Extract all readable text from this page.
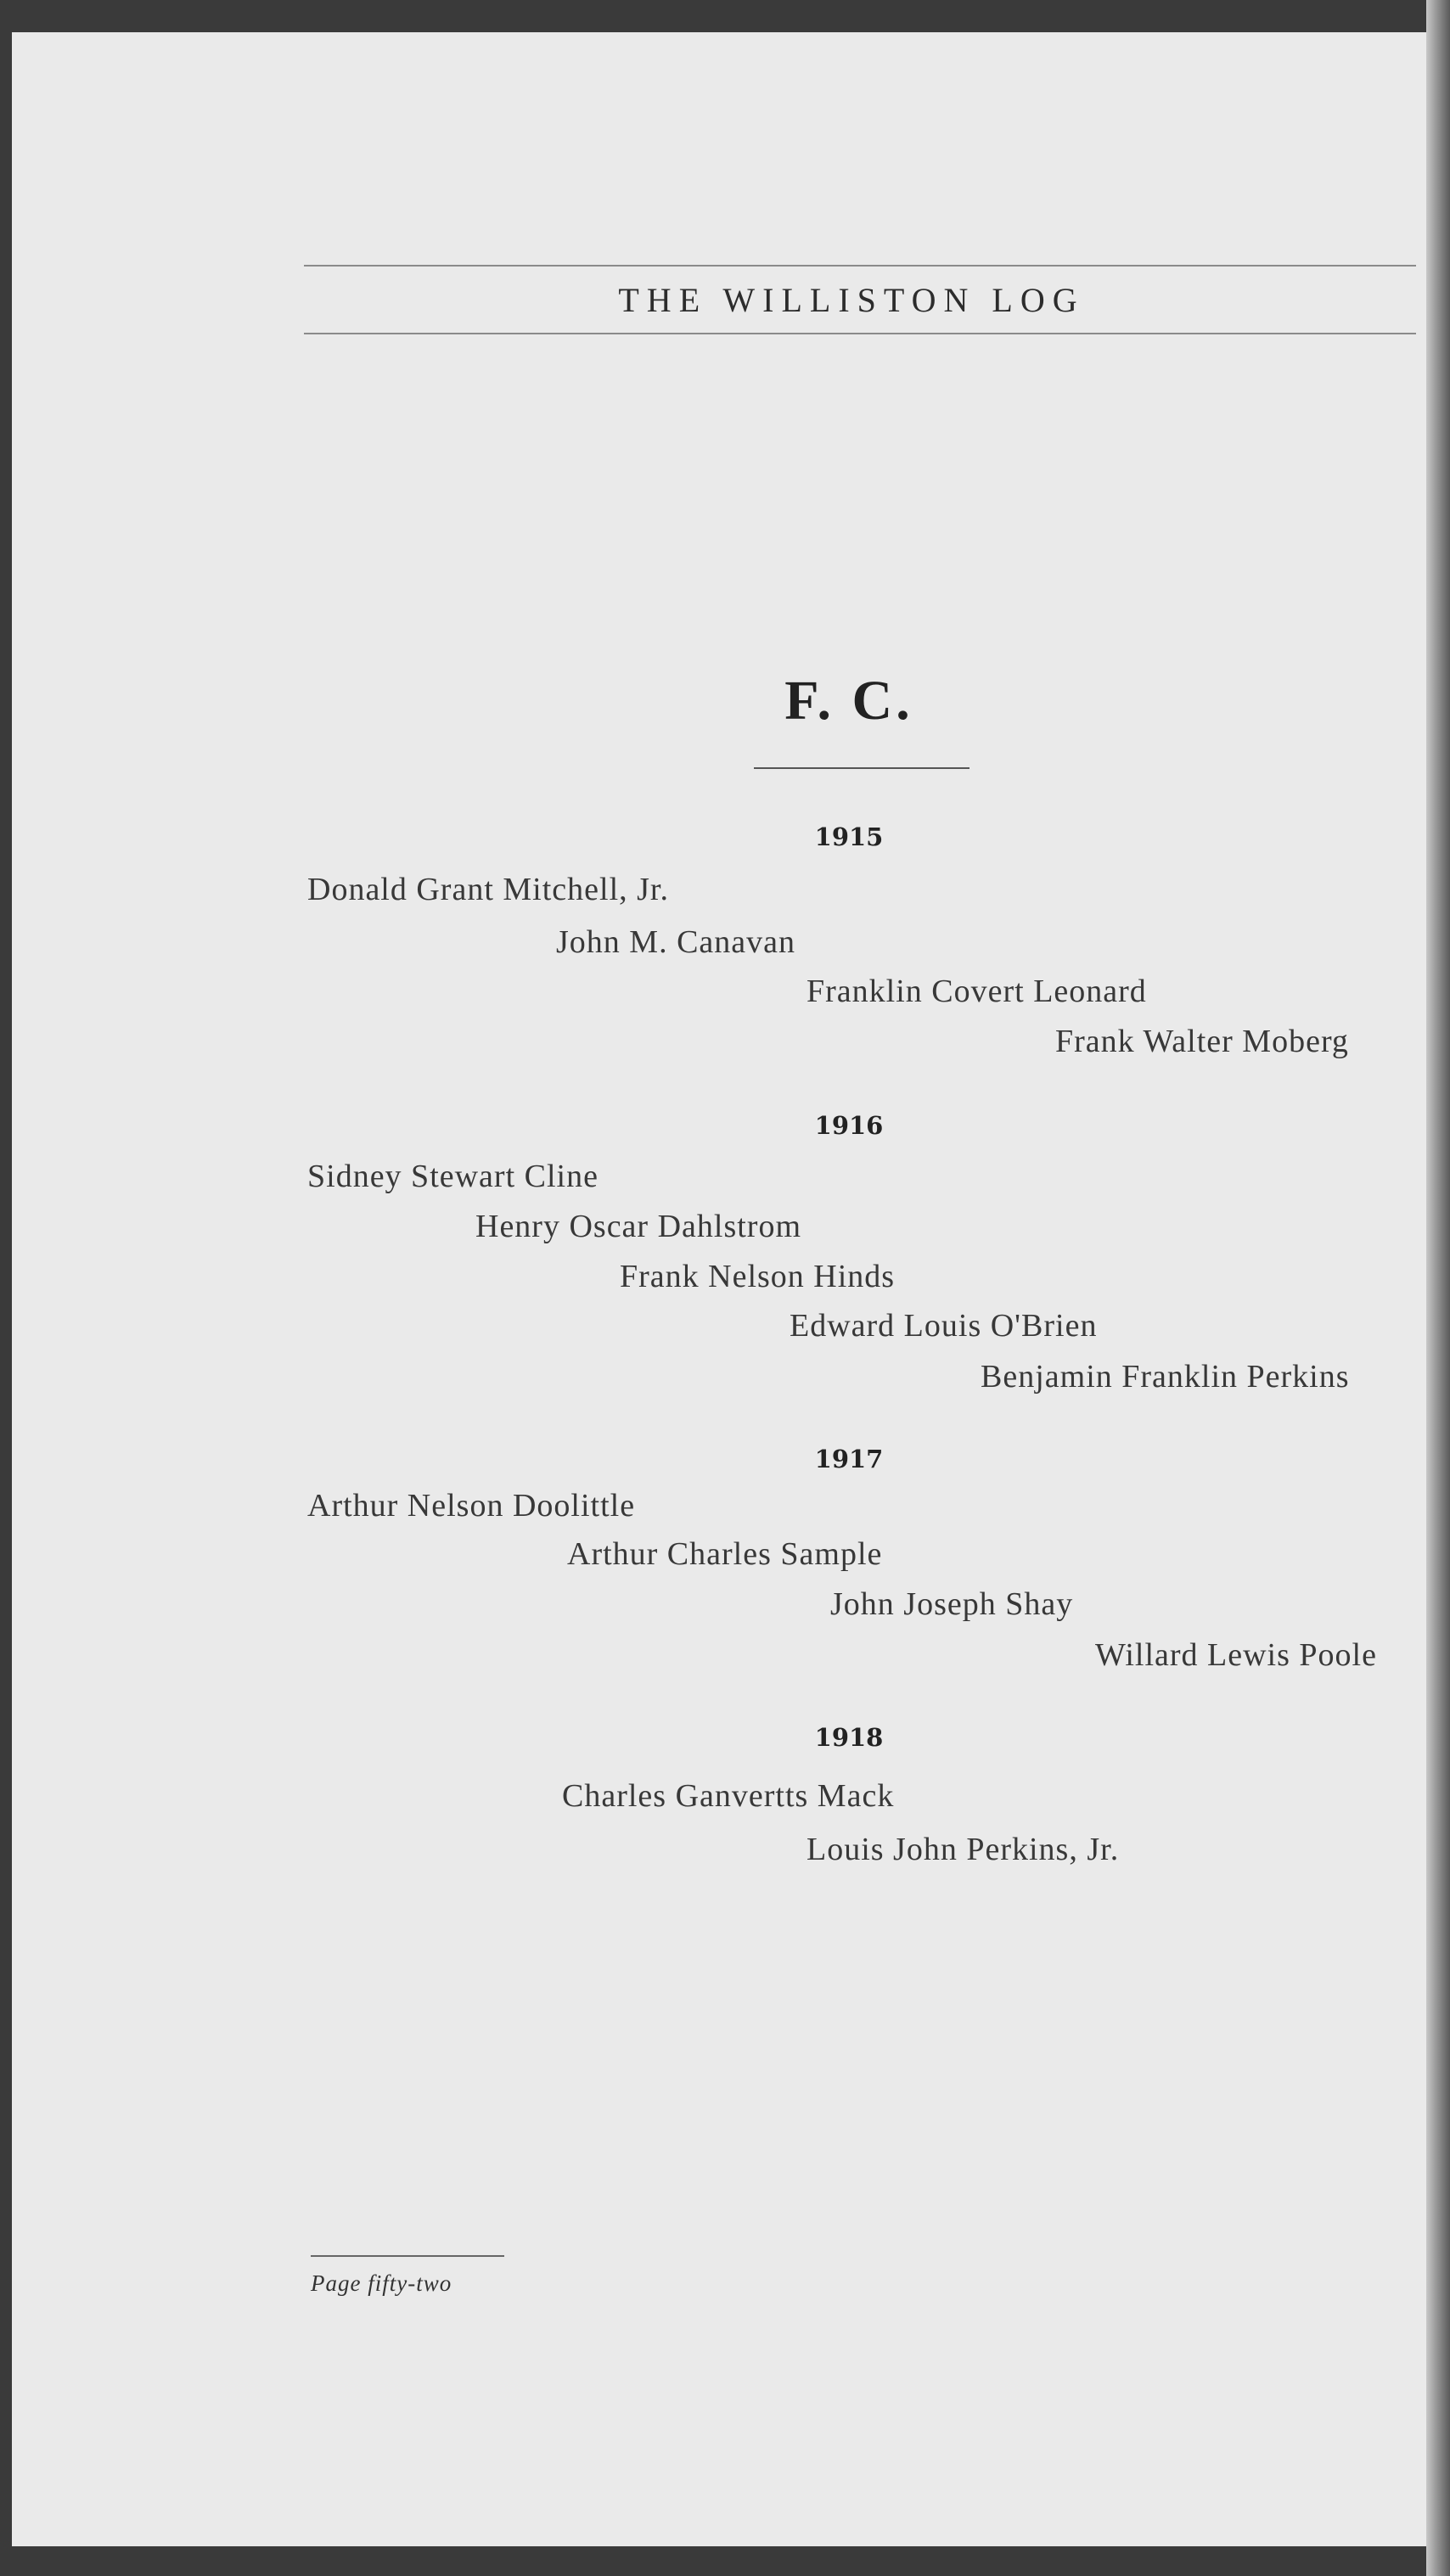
THE WILLISTON LOG
F. C.
1915
Donald Grant Mitchell, Jr.
John M. Canavan
Franklin Covert Leonard
Frank Walter Moberg
1916
Sidney Stewart Cline
Henry Oscar Dahlstrom
Frank Nelson Hinds
Edward Louis O'Brien
Benjamin Franklin Perkins
1917
Arthur Nelson Doolittle
Arthur Charles Sample
John Joseph Shay
Willard Lewis Poole
1918
Charles Ganvertts Mack
Louis John Perkins, Jr.
Page fifty-two
